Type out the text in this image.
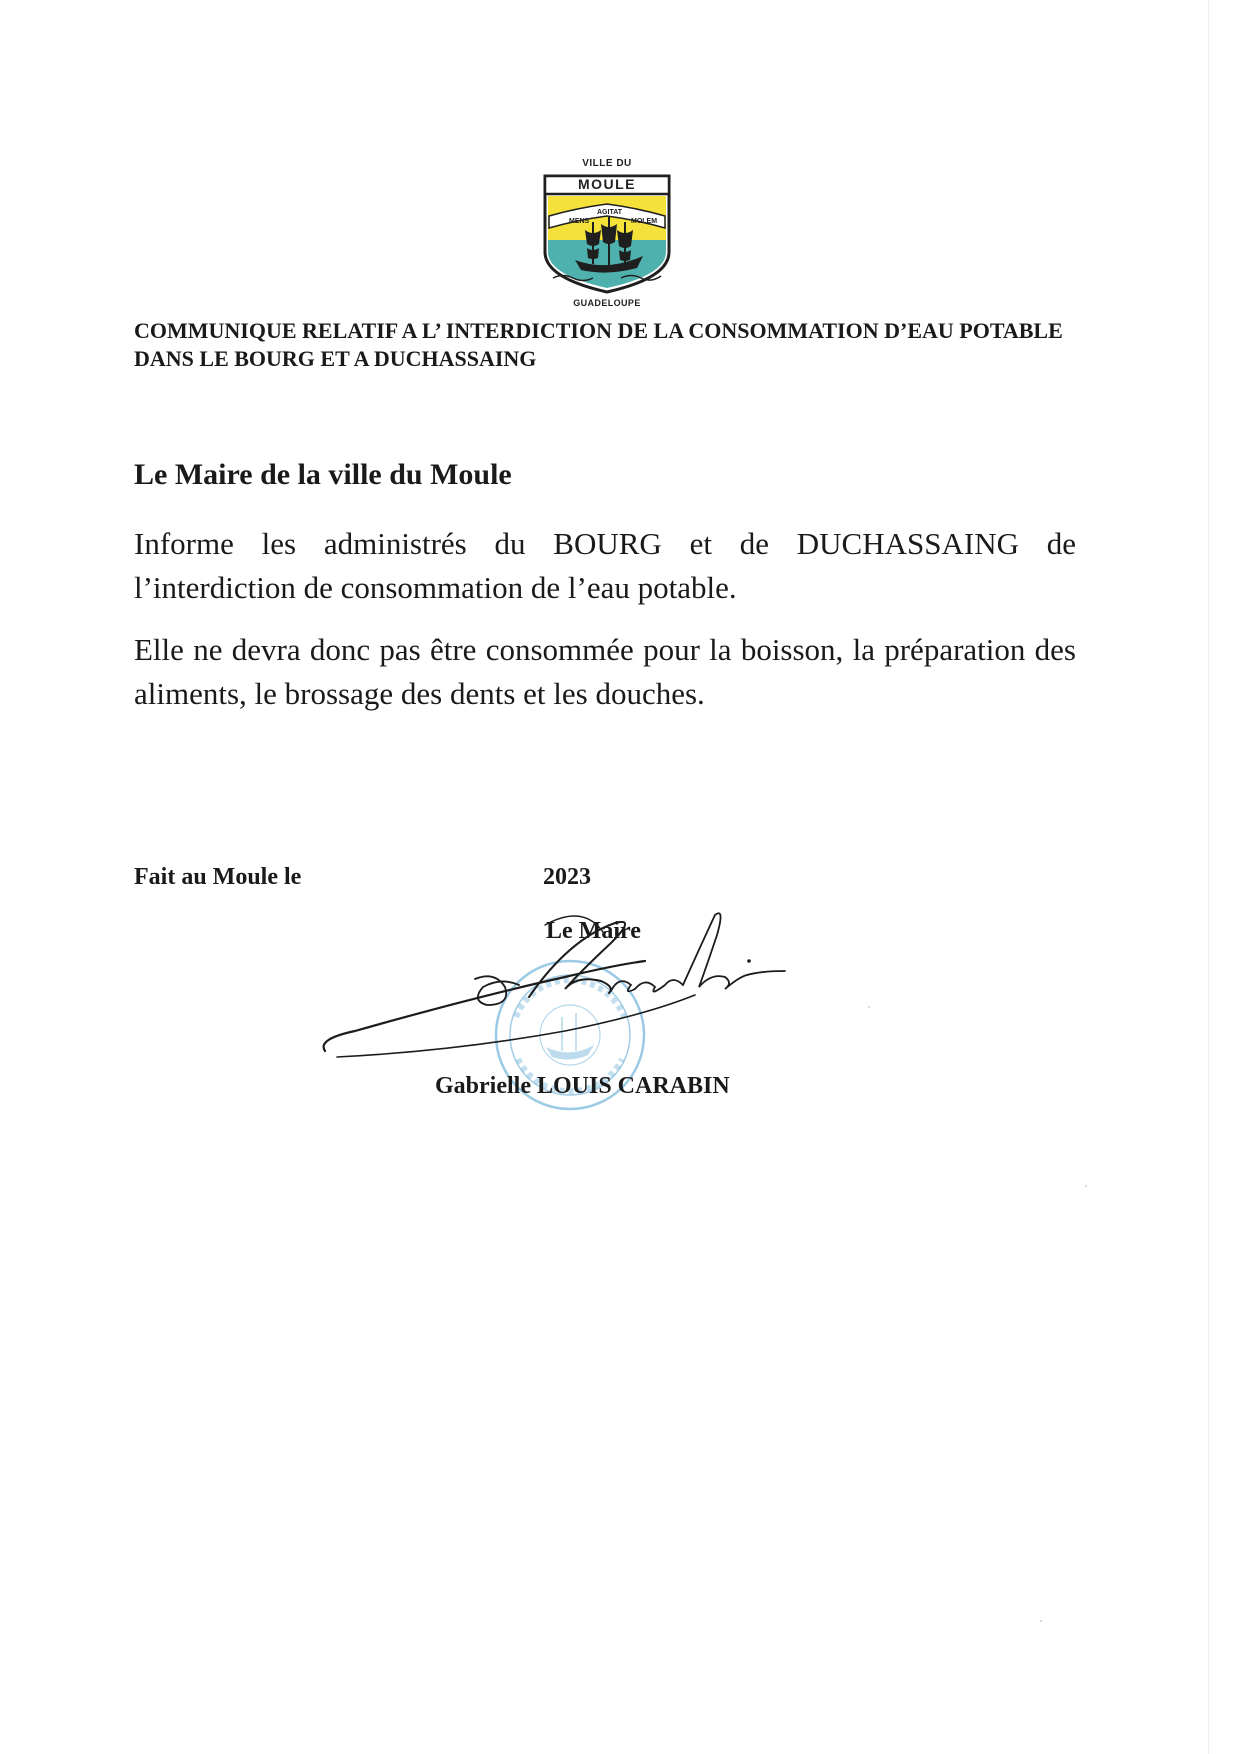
VILLE DU
MENS
AGITAT
MOLEM
MOULE
GUADELOUPE
COMMUNIQUE RELATIF A L’ INTERDICTION DE LA CONSOMMATION D’EAU POTABLE DANS LE BOURG ET A DUCHASSAING
Le Maire de la ville du Moule
Informe les administrés du BOURG et de DUCHASSAING de l’interdiction de consommation de l’eau potable.
Elle ne devra donc pas être consommée pour la boisson, la préparation des aliments, le brossage des dents et les douches.
Fait au Moule le	2023
Le Maire
Gabrielle LOUIS CARABIN
